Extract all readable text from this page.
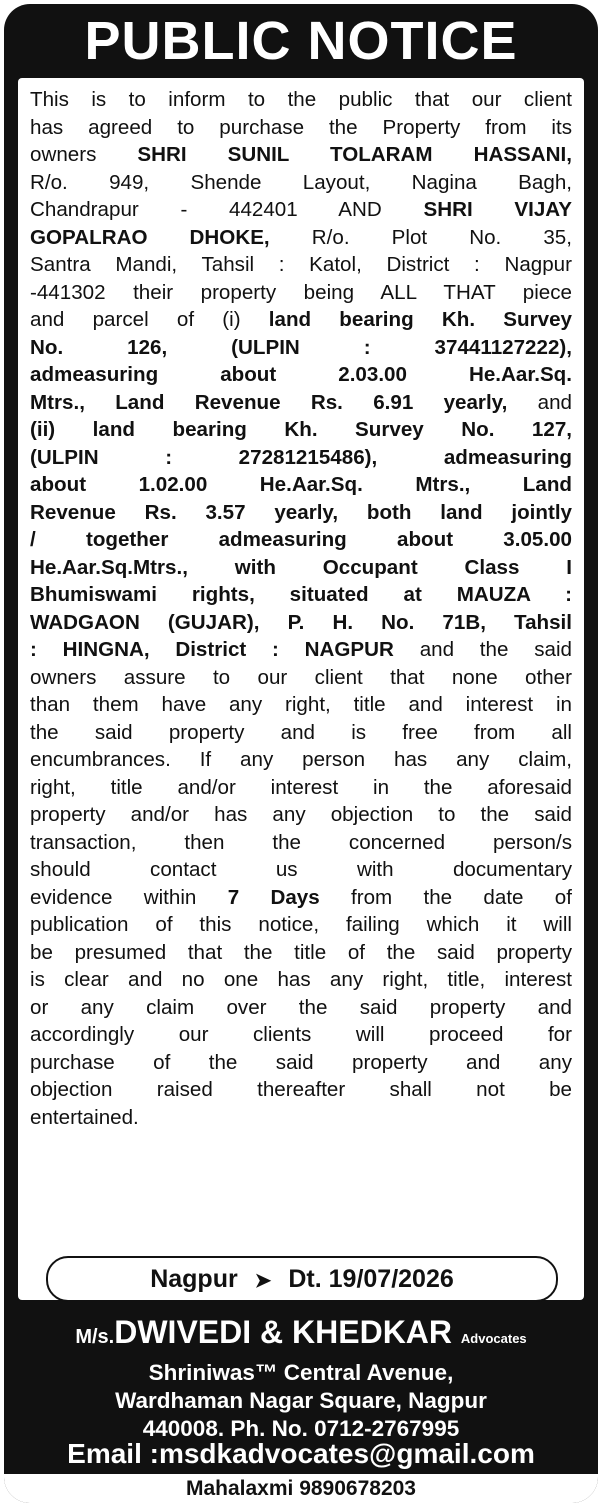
PUBLIC NOTICE
This is to inform to the public that our client
has agreed to purchase the Property from its
owners SHRI SUNIL TOLARAM HASSANI,
R/o. 949, Shende Layout, Nagina Bagh,
Chandrapur - 442401 AND SHRI VIJAY
GOPALRAO DHOKE, R/o. Plot No. 35,
Santra Mandi, Tahsil : Katol, District : Nagpur
-441302 their property being ALL THAT piece
and parcel of (i) land bearing Kh. Survey
No. 126, (ULPIN : 37441127222),
admeasuring about 2.03.00 He.Aar.Sq.
Mtrs., Land Revenue Rs. 6.91 yearly, and
(ii) land bearing Kh. Survey No. 127,
(ULPIN : 27281215486), admeasuring
about 1.02.00 He.Aar.Sq. Mtrs., Land
Revenue Rs. 3.57 yearly, both land jointly
/ together admeasuring about 3.05.00
He.Aar.Sq.Mtrs., with Occupant Class I
Bhumiswami rights, situated at MAUZA :
WADGAON (GUJAR), P. H. No. 71B, Tahsil
: HINGNA, District : NAGPUR and the said
owners assure to our client that none other
than them have any right, title and interest in
the said property and is free from all
encumbrances. If any person has any claim,
right, title and/or interest in the aforesaid
property and/or has any objection to the said
transaction, then the concerned person/s
should contact us with documentary
evidence within 7 Days from the date of
publication of this notice, failing which it will
be presumed that the title of the said property
is clear and no one has any right, title, interest
or any claim over the said property and
accordingly our clients will proceed for
purchase of the said property and any
objection raised thereafter shall not be
entertained.
Nagpur ➤ Dt. 19/07/2026
M/s.DWIVEDI & KHEDKAR Advocates
Shriniwas™ Central Avenue,
Wardhaman Nagar Square, Nagpur
440008. Ph. No. 0712-2767995
Email :msdkadvocates@gmail.com
Mahalaxmi 9890678203
